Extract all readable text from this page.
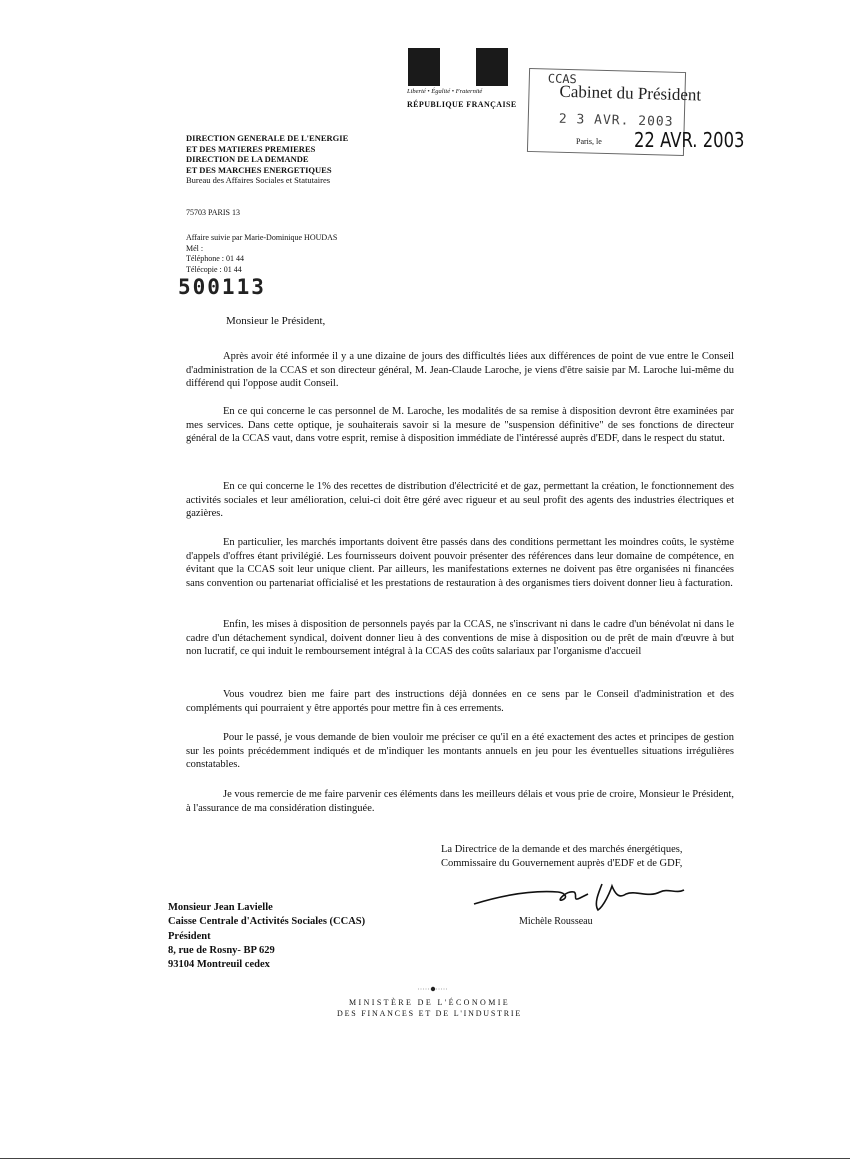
Liberté • Égalité • Fraternité
RÉPUBLIQUE FRANÇAISE
CCAS
Cabinet du Président
2 3 AVR. 2003
Paris, le 22 AVR. 2003
DIRECTION GENERALE DE L'ENERGIE
ET DES MATIERES PREMIERES
DIRECTION DE LA DEMANDE
ET DES MARCHES ENERGETIQUES
Bureau des Affaires Sociales et Statutaires
75703 PARIS 13
Affaire suivie par Marie-Dominique HOUDAS
Mél :
Téléphone : 01 44
Télécopie : 01 44
500113
Monsieur le Président,
Après avoir été informée il y a une dizaine de jours des difficultés liées aux différences de point de vue entre le Conseil d'administration de la CCAS et son directeur général, M. Jean-Claude Laroche, je viens d'être saisie par M. Laroche lui-même du différend qui l'oppose audit Conseil.
En ce qui concerne le cas personnel de M. Laroche, les modalités de sa remise à disposition devront être examinées par mes services. Dans cette optique, je souhaiterais savoir si la mesure de "suspension définitive" de ses fonctions de directeur général de la CCAS vaut, dans votre esprit, remise à disposition immédiate de l'intéressé auprès d'EDF, dans le respect du statut.
En ce qui concerne le 1% des recettes de distribution d'électricité et de gaz, permettant la création, le fonctionnement des activités sociales et leur amélioration, celui-ci doit être géré avec rigueur et au seul profit des agents des industries électriques et gazières.
En particulier, les marchés importants doivent être passés dans des conditions permettant les moindres coûts, le système d'appels d'offres étant privilégié. Les fournisseurs doivent pouvoir présenter des références dans leur domaine de compétence, en évitant que la CCAS soit leur unique client. Par ailleurs, les manifestations externes ne doivent pas être organisées ni financées sans convention ou partenariat officialisé et les prestations de restauration à des organismes tiers doivent donner lieu à facturation.
Enfin, les mises à disposition de personnels payés par la CCAS, ne s'inscrivant ni dans le cadre d'un bénévolat ni dans le cadre d'un détachement syndical, doivent donner lieu à des conventions de mise à disposition ou de prêt de main d'œuvre à but non lucratif, ce qui induit le remboursement intégral à la CCAS des coûts salariaux par l'organisme d'accueil
Vous voudrez bien me faire part des instructions déjà données en ce sens par le Conseil d'administration et des compléments qui pourraient y être apportés pour mettre fin à ces errements.
Pour le passé, je vous demande de bien vouloir me préciser ce qu'il en a été exactement des actes et principes de gestion sur les points précédemment indiqués et de m'indiquer les montants annuels en jeu pour les éventuelles situations irrégulières constatables.
Je vous remercie de me faire parvenir ces éléments dans les meilleurs délais et vous prie de croire, Monsieur le Président, à l'assurance de ma considération distinguée.
La Directrice de la demande et des marchés énergétiques,
Commissaire du Gouvernement auprès d'EDF et de GDF,
Michèle Rousseau
Monsieur Jean Lavielle
Caisse Centrale d'Activités Sociales (CCAS)
Président
8, rue de Rosny- BP 629
93104 Montreuil cedex
MINISTÈRE DE L'ÉCONOMIE
DES FINANCES ET DE L'INDUSTRIE
